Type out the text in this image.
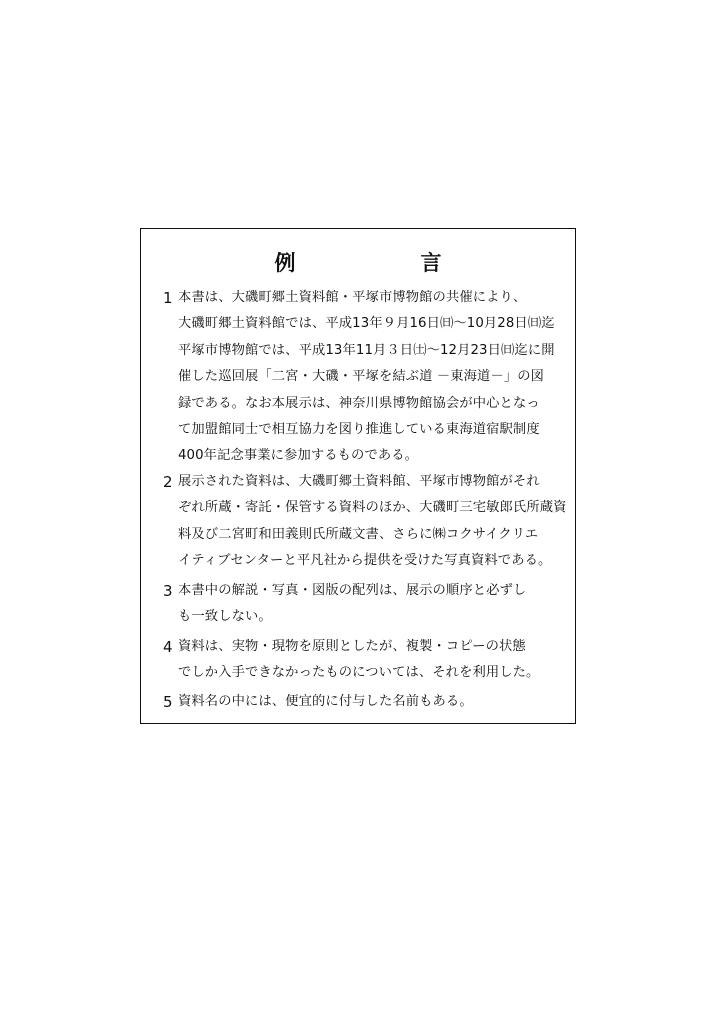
例　言
1 本書は、大磯町郷土資料館・平塚市博物館の共催により、
大磯町郷土資料館では、平成13年９月16日㈰～10月28日㈰迄
平塚市博物館では、平成13年11月３日㈯～12月23日㈰迄に開
催した巡回展「二宮・大磯・平塚を結ぶ道 －東海道－」の図
録である。なお本展示は、神奈川県博物館協会が中心となっ
て加盟館同士で相互協力を図り推進している東海道宿駅制度
400年記念事業に参加するものである。
2 展示された資料は、大磯町郷土資料館、平塚市博物館がそれ
ぞれ所蔵・寄託・保管する資料のほか、大磯町三宅敏郎氏所蔵資
料及び二宮町和田義則氏所蔵文書、さらに㈱コクサイクリエ
イティブセンターと平凡社から提供を受けた写真資料である。
3 本書中の解説・写真・図版の配列は、展示の順序と必ずし
も一致しない。
4 資料は、実物・現物を原則としたが、複製・コピーの状態
でしか入手できなかったものについては、それを利用した。
5 資料名の中には、便宜的に付与した名前もある。
